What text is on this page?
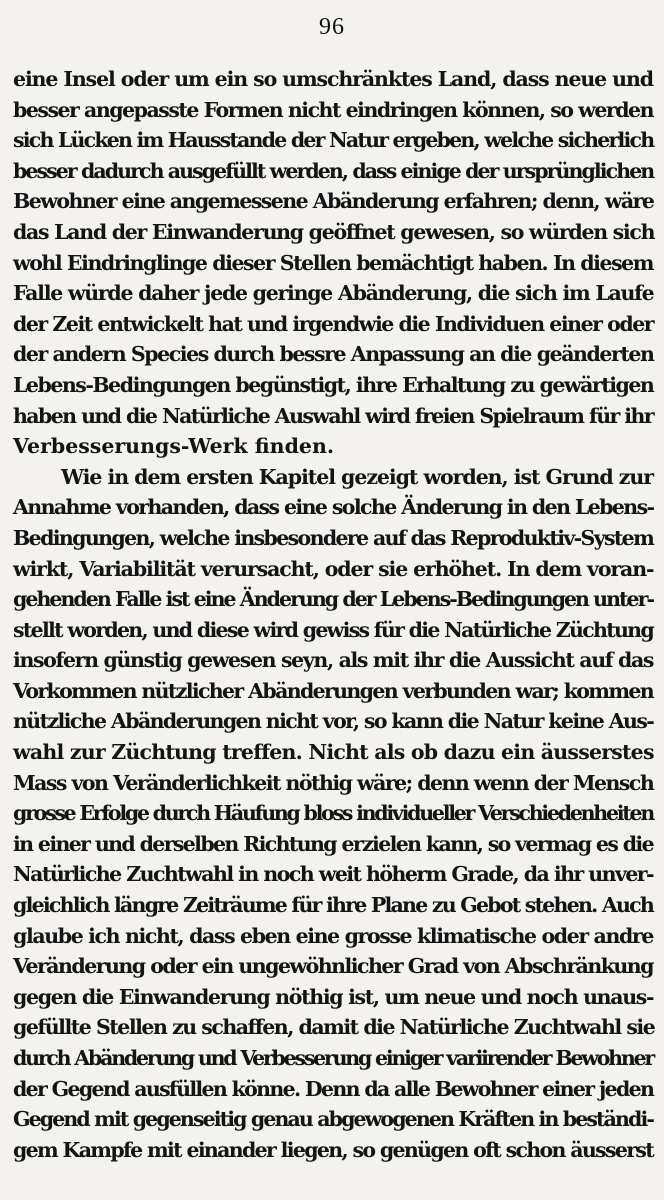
96
eine Insel oder um ein so umschränktes Land, dass neue und
besser angepasste Formen nicht eindringen können, so werden
sich Lücken im Hausstande der Natur ergeben, welche sicherlich
besser dadurch ausgefüllt werden, dass einige der ursprünglichen
Bewohner eine angemessene Abänderung erfahren; denn, wäre
das Land der Einwanderung geöffnet gewesen, so würden sich
wohl Eindringlinge dieser Stellen bemächtigt haben. In diesem
Falle würde daher jede geringe Abänderung, die sich im Laufe
der Zeit entwickelt hat und irgendwie die Individuen einer oder
der andern Species durch bessre Anpassung an die geänderten
Lebens-Bedingungen begünstigt, ihre Erhaltung zu gewärtigen
haben und die Natürliche Auswahl wird freien Spielraum für ihr
Verbesserungs-Werk finden.
Wie in dem ersten Kapitel gezeigt worden, ist Grund zur
Annahme vorhanden, dass eine solche Änderung in den Lebens-
Bedingungen, welche insbesondere auf das Reproduktiv-System
wirkt, Variabilität verursacht, oder sie erhöhet. In dem voran-
gehenden Falle ist eine Änderung der Lebens-Bedingungen unter-
stellt worden, und diese wird gewiss für die Natürliche Züchtung
insofern günstig gewesen seyn, als mit ihr die Aussicht auf das
Vorkommen nützlicher Abänderungen verbunden war; kommen
nützliche Abänderungen nicht vor, so kann die Natur keine Aus-
wahl zur Züchtung treffen. Nicht als ob dazu ein äusserstes
Mass von Veränderlichkeit nöthig wäre; denn wenn der Mensch
grosse Erfolge durch Häufung bloss individueller Verschiedenheiten
in einer und derselben Richtung erzielen kann, so vermag es die
Natürliche Zuchtwahl in noch weit höherm Grade, da ihr unver-
gleichlich längre Zeiträume für ihre Plane zu Gebot stehen. Auch
glaube ich nicht, dass eben eine grosse klimatische oder andre
Veränderung oder ein ungewöhnlicher Grad von Abschränkung
gegen die Einwanderung nöthig ist, um neue und noch unaus-
gefüllte Stellen zu schaffen, damit die Natürliche Zuchtwahl sie
durch Abänderung und Verbesserung einiger variirender Bewohner
der Gegend ausfüllen könne. Denn da alle Bewohner einer jeden
Gegend mit gegenseitig genau abgewogenen Kräften in beständi-
gem Kampfe mit einander liegen, so genügen oft schon äusserst
